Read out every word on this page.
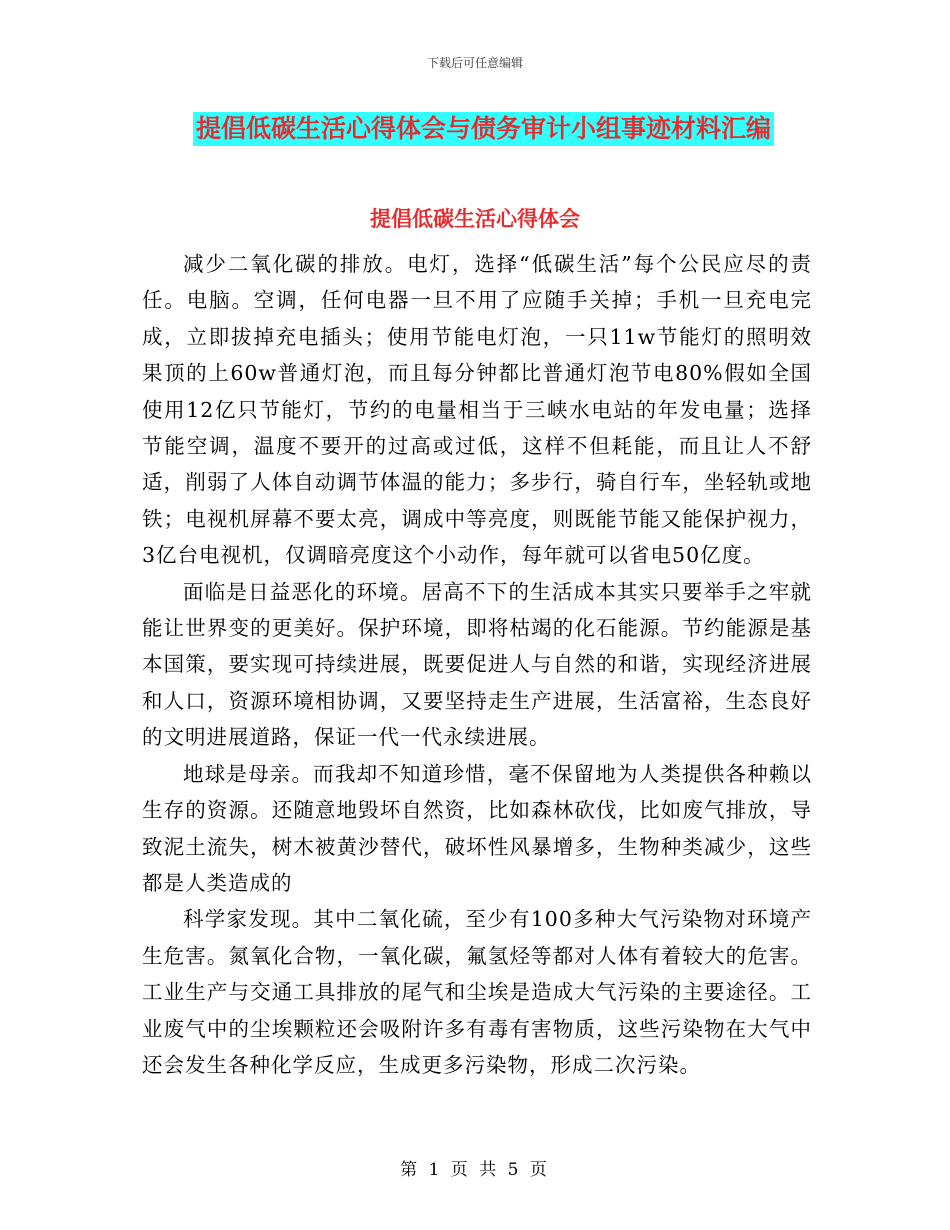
下载后可任意编辑
提倡低碳生活心得体会与债务审计小组事迹材料汇编
提倡低碳生活心得体会

减少二氧化碳的排放。电灯，选择“低碳生活”每个公民应尽的责任。电脑。空调，任何电器一旦不用了应随手关掉；手机一旦充电完成，立即拔掉充电插头；使用节能电灯泡，一只11w节能灯的照明效果顶的上60w普通灯泡，而且每分钟都比普通灯泡节电80%假如全国使用12亿只节能灯，节约的电量相当于三峡水电站的年发电量；选择节能空调，温度不要开的过高或过低，这样不但耗能，而且让人不舒适，削弱了人体自动调节体温的能力；多步行，骑自行车，坐轻轨或地铁；电视机屏幕不要太亮，调成中等亮度，则既能节能又能保护视力，3亿台电视机，仅调暗亮度这个小动作，每年就可以省电50亿度。

面临是日益恶化的环境。居高不下的生活成本其实只要举手之牢就能让世界变的更美好。保护环境，即将枯竭的化石能源。节约能源是基本国策，要实现可持续进展，既要促进人与自然的和谐，实现经济进展和人口，资源环境相协调，又要坚持走生产进展，生活富裕，生态良好的文明进展道路，保证一代一代永续进展。

地球是母亲。而我却不知道珍惜，毫不保留地为人类提供各种赖以生存的资源。还随意地毁坏自然资，比如森林砍伐，比如废气排放，导致泥土流失，树木被黄沙替代，破坏性风暴增多，生物种类减少，这些都是人类造成的

科学家发现。其中二氧化硫，至少有100多种大气污染物对环境产生危害。氮氧化合物，一氧化碳，氟氢烃等都对人体有着较大的危害。工业生产与交通工具排放的尾气和尘埃是造成大气污染的主要途径。工业废气中的尘埃颗粒还会吸附许多有毒有害物质，这些污染物在大气中还会发生各种化学反应，生成更多污染物，形成二次污染。

第 1 页 共 5 页
